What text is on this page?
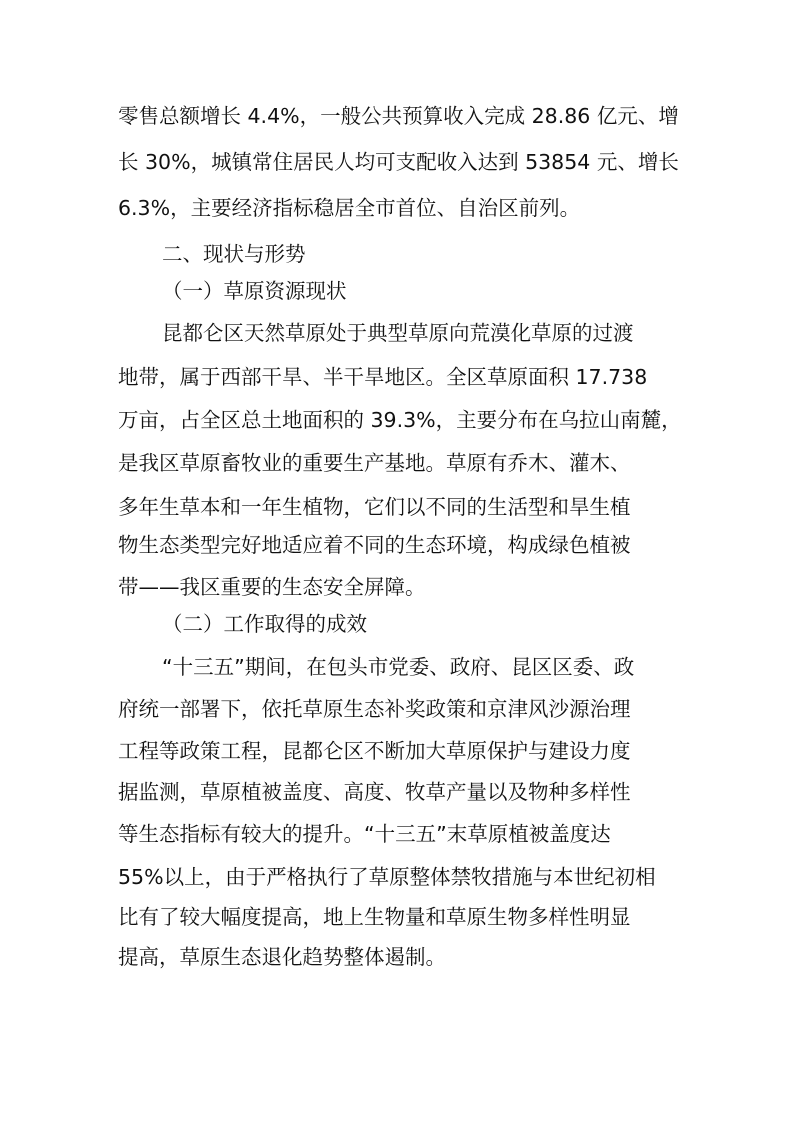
零售总额增长 4.4%，一般公共预算收入完成 28.86 亿元、增
长 30%，城镇常住居民人均可支配收入达到 53854 元、增长
6.3%，主要经济指标稳居全市首位、自治区前列。
二、现状与形势
（一）草原资源现状
昆都仑区天然草原处于典型草原向荒漠化草原的过渡
地带，属于西部干旱、半干旱地区。全区草原面积 17.738
万亩，占全区总土地面积的 39.3%，主要分布在乌拉山南麓，
是我区草原畜牧业的重要生产基地。草原有乔木、灌木、
多年生草本和一年生植物，它们以不同的生活型和旱生植
物生态类型完好地适应着不同的生态环境，构成绿色植被
带——我区重要的生态安全屏障。
（二）工作取得的成效
“十三五”期间，在包头市党委、政府、昆区区委、政
府统一部署下，依托草原生态补奖政策和京津风沙源治理
工程等政策工程，昆都仑区不断加大草原保护与建设力度
据监测，草原植被盖度、高度、牧草产量以及物种多样性
等生态指标有较大的提升。“十三五”末草原植被盖度达
55%以上，由于严格执行了草原整体禁牧措施与本世纪初相
比有了较大幅度提高，地上生物量和草原生物多样性明显
提高，草原生态退化趋势整体遏制。
